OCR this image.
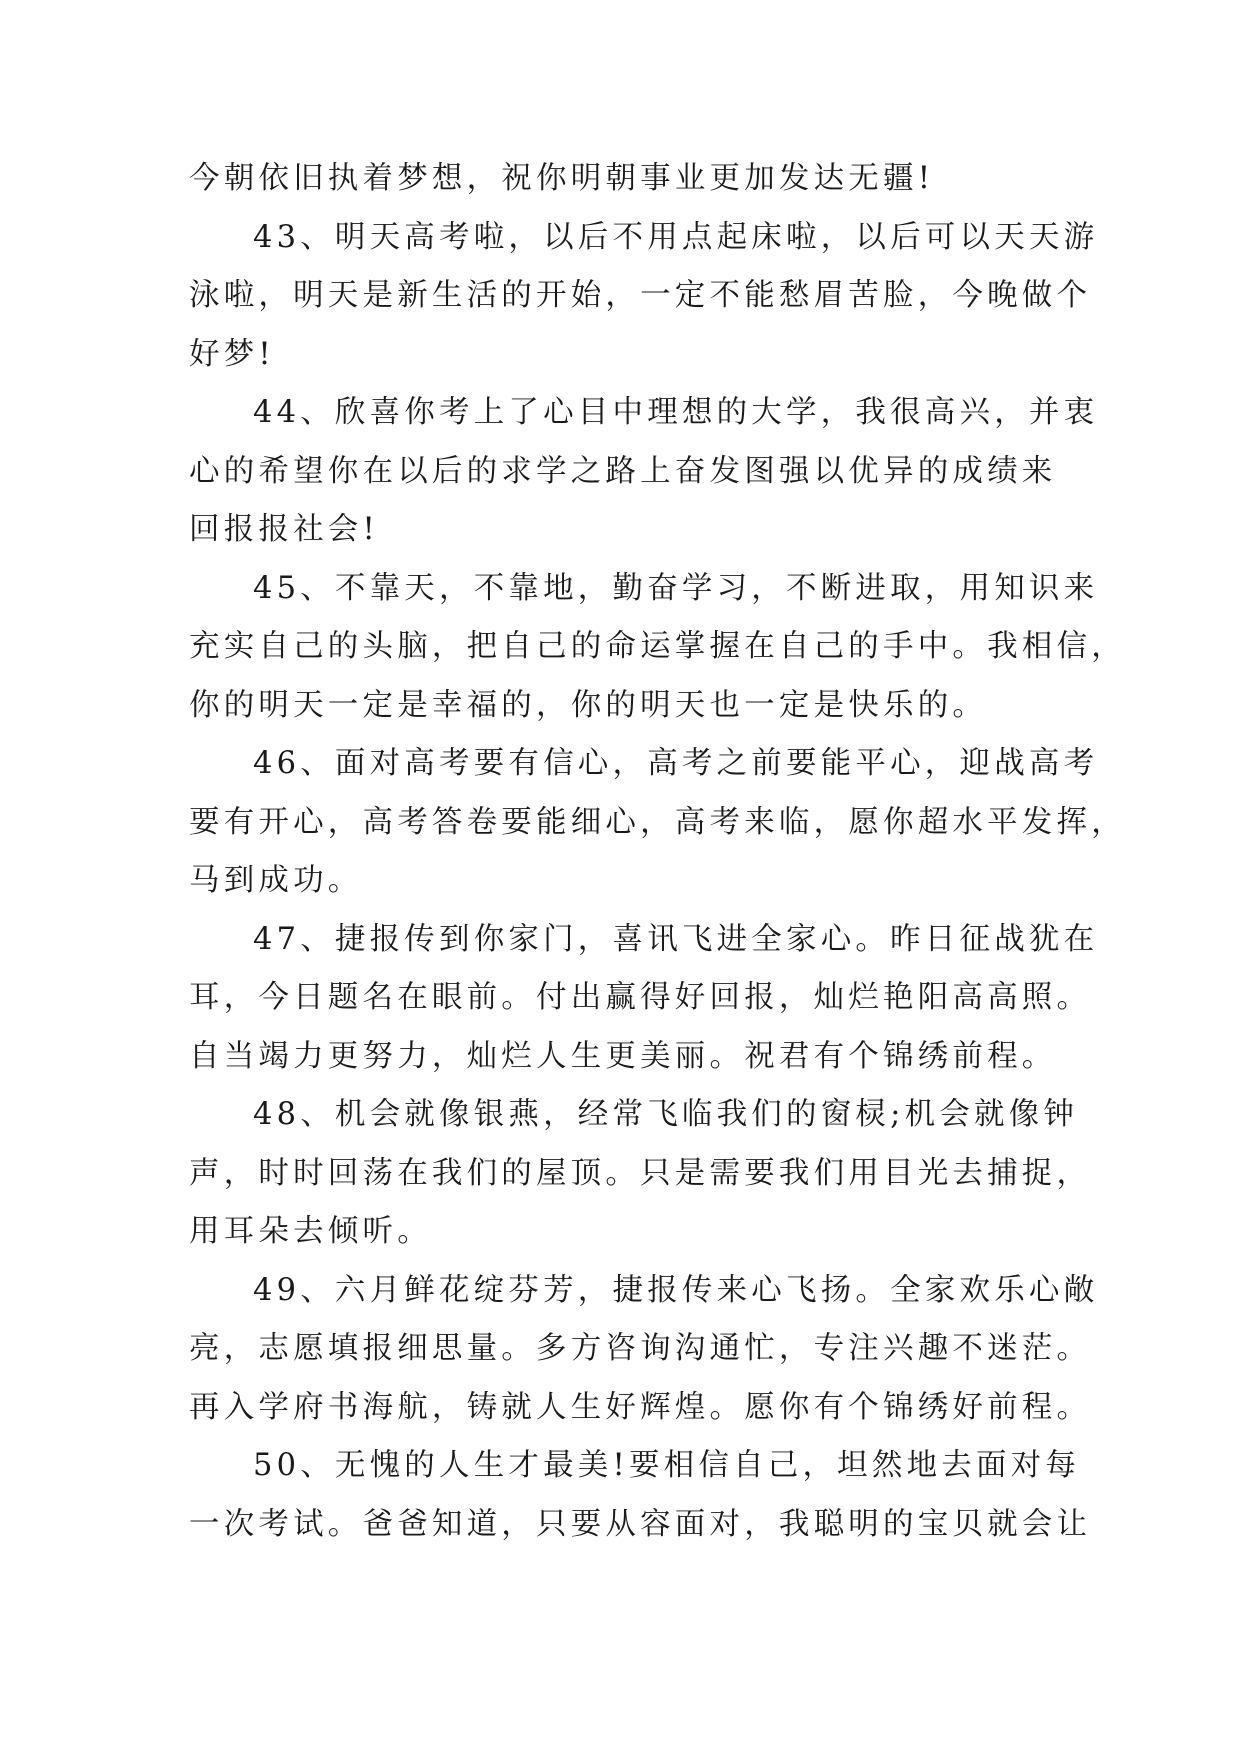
今朝依旧执着梦想，祝你明朝事业更加发达无疆!
43、明天高考啦，以后不用点起床啦，以后可以天天游
泳啦，明天是新生活的开始，一定不能愁眉苦脸，今晚做个
好梦!
44、欣喜你考上了心目中理想的大学，我很高兴，并衷
心的希望你在以后的求学之路上奋发图强以优异的成绩来
回报报社会!
45、不靠天，不靠地，勤奋学习，不断进取，用知识来
充实自己的头脑，把自己的命运掌握在自己的手中。我相信，
你的明天一定是幸福的，你的明天也一定是快乐的。
46、面对高考要有信心，高考之前要能平心，迎战高考
要有开心，高考答卷要能细心，高考来临，愿你超水平发挥，
马到成功。
47、捷报传到你家门，喜讯飞进全家心。昨日征战犹在
耳，今日题名在眼前。付出赢得好回报，灿烂艳阳高高照。
自当竭力更努力，灿烂人生更美丽。祝君有个锦绣前程。
48、机会就像银燕，经常飞临我们的窗棂;机会就像钟
声，时时回荡在我们的屋顶。只是需要我们用目光去捕捉，
用耳朵去倾听。
49、六月鲜花绽芬芳，捷报传来心飞扬。全家欢乐心敞
亮，志愿填报细思量。多方咨询沟通忙，专注兴趣不迷茫。
再入学府书海航，铸就人生好辉煌。愿你有个锦绣好前程。
50、无愧的人生才最美!要相信自己，坦然地去面对每
一次考试。爸爸知道，只要从容面对，我聪明的宝贝就会让
